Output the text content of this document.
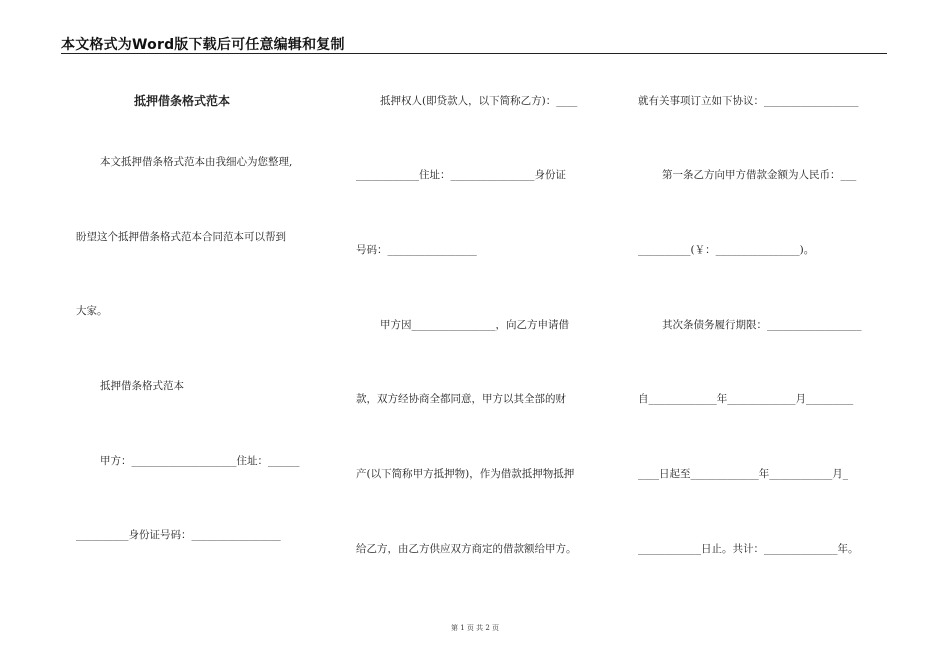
本文格式为Word版下载后可任意编辑和复制
抵押借条格式范本
本文抵押借条格式范本由我细心为您整理,
盼望这个抵押借条格式范本合同范本可以帮到
大家。
抵押借条格式范本
甲方：____________________住址：______
__________身份证号码：_________________
抵押权人(即贷款人，以下简称乙方)：____
____________住址：________________身份证
号码：_________________
甲方因________________，向乙方申请借
款，双方经协商全都同意，甲方以其全部的财
产(以下简称甲方抵押物)，作为借款抵押物抵押
给乙方，由乙方供应双方商定的借款额给甲方。
就有关事项订立如下协议：__________________
第一条乙方向甲方借款金额为人民币：___
__________(￥：________________)。
其次条债务履行期限：__________________
自_____________年_____________月_________
____日起至_____________年____________月_
____________日止。共计：______________年。
第 1 页 共 2 页
